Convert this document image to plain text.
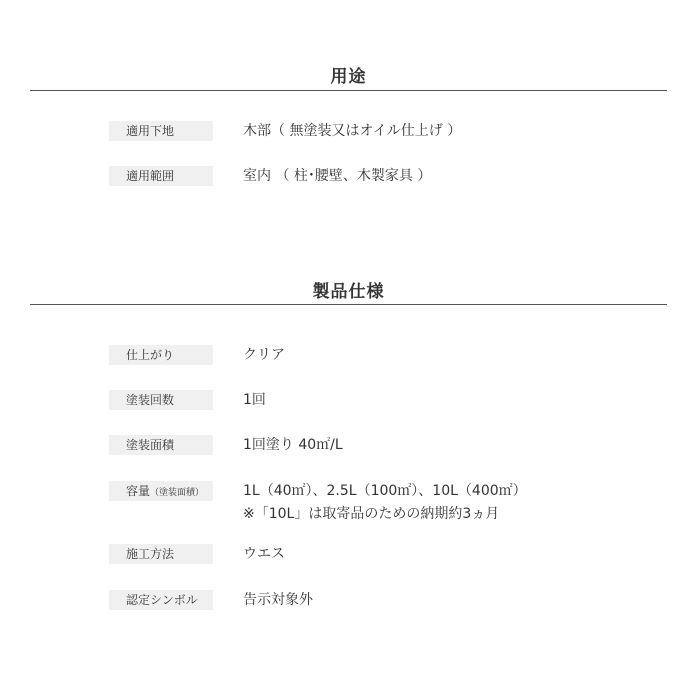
用途
適用下地	木部（ 無塗装又はオイル仕上げ ）
適用範囲	室内 （ 柱･腰壁、木製家具 ）
製品仕様
仕上がり	クリア
塗装回数	1回
塗装面積	1回塗り 40㎡/L
容量（塗装面積）	1L（40㎡）、2.5L（100㎡）、10L（400㎡）
※「10L」は取寄品のための納期約3ヵ月
施工方法	ウエス
認定シンボル	告示対象外
